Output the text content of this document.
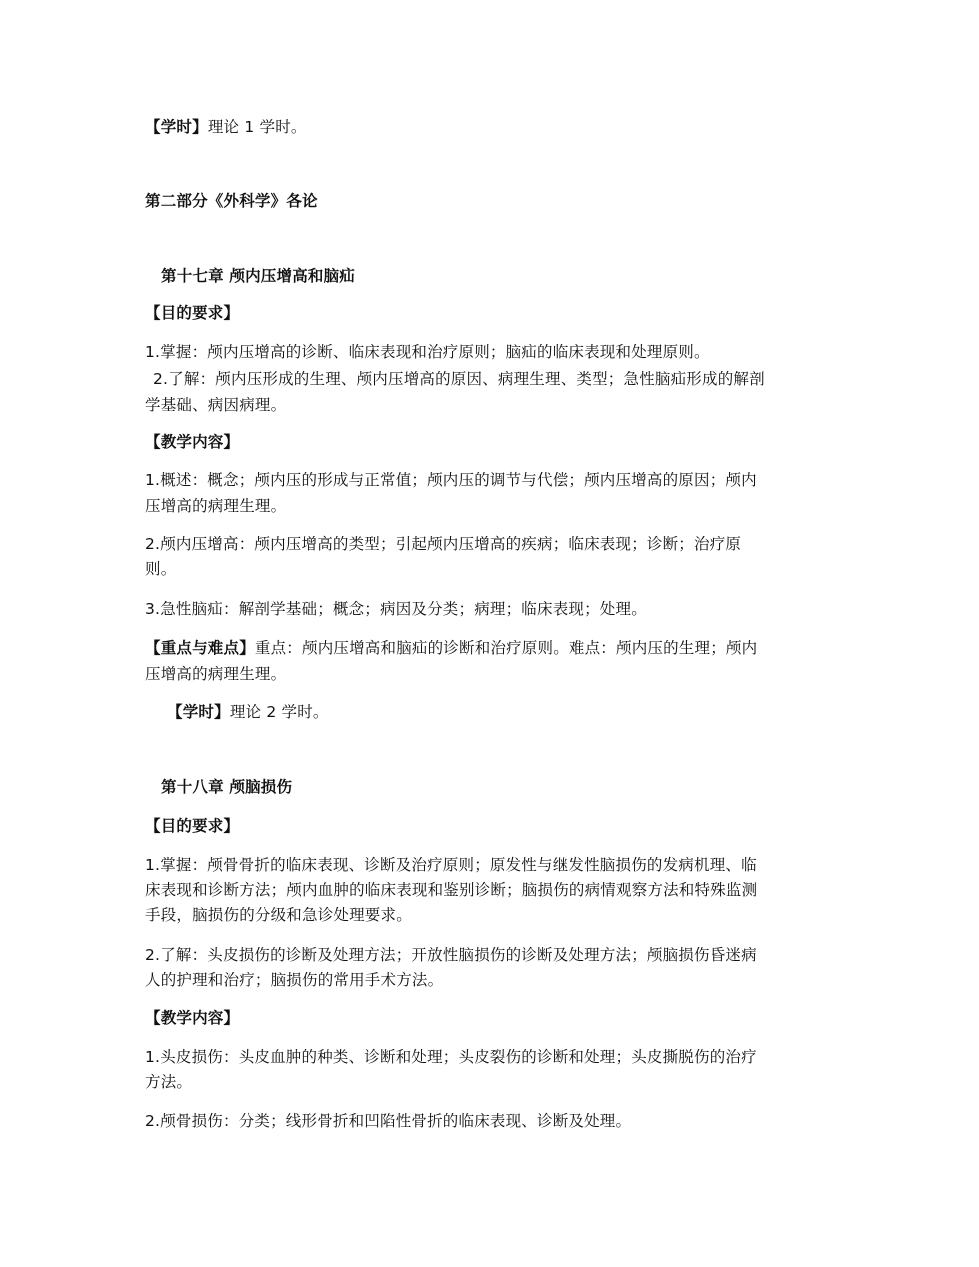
【学时】理论 1 学时。
第二部分《外科学》各论
第十七章 颅内压增高和脑疝
【目的要求】
1.掌握：颅内压增高的诊断、临床表现和治疗原则；脑疝的临床表现和处理原则。
2.了解：颅内压形成的生理、颅内压增高的原因、病理生理、类型；急性脑疝形成的解剖
学基础、病因病理。
【教学内容】
1.概述：概念；颅内压的形成与正常值；颅内压的调节与代偿；颅内压增高的原因；颅内
压增高的病理生理。
2.颅内压增高：颅内压增高的类型；引起颅内压增高的疾病；临床表现；诊断；治疗原
则。
3.急性脑疝：解剖学基础；概念；病因及分类；病理；临床表现；处理。
【重点与难点】重点：颅内压增高和脑疝的诊断和治疗原则。难点：颅内压的生理；颅内
压增高的病理生理。
【学时】理论 2 学时。
第十八章 颅脑损伤
【目的要求】
1.掌握：颅骨骨折的临床表现、诊断及治疗原则；原发性与继发性脑损伤的发病机理、临
床表现和诊断方法；颅内血肿的临床表现和鉴别诊断；脑损伤的病情观察方法和特殊监测
手段，脑损伤的分级和急诊处理要求。
2.了解：头皮损伤的诊断及处理方法；开放性脑损伤的诊断及处理方法；颅脑损伤昏迷病
人的护理和治疗；脑损伤的常用手术方法。
【教学内容】
1.头皮损伤：头皮血肿的种类、诊断和处理；头皮裂伤的诊断和处理；头皮撕脱伤的治疗
方法。
2.颅骨损伤：分类；线形骨折和凹陷性骨折的临床表现、诊断及处理。
